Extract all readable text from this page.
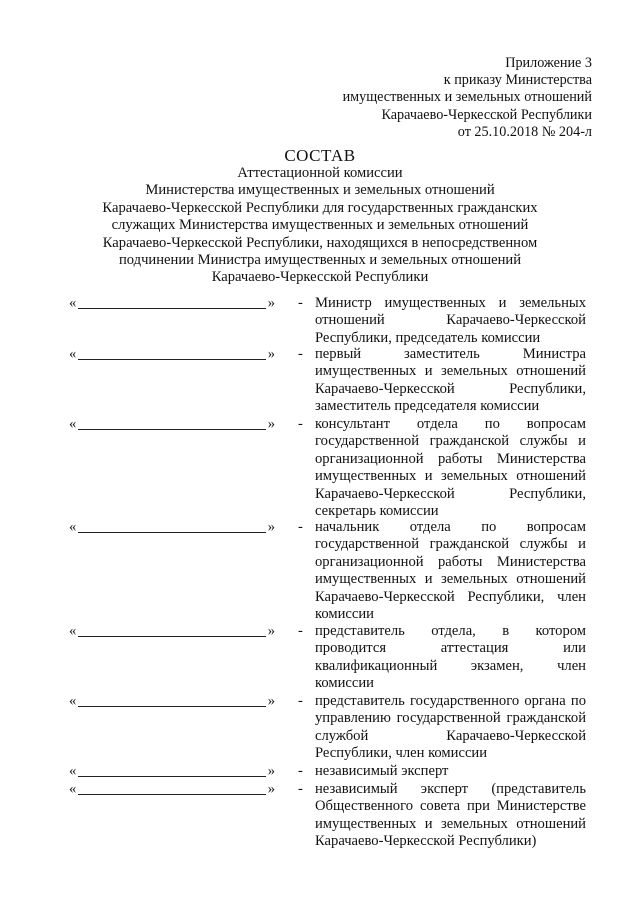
Приложение 3
к приказу Министерства
имущественных и земельных отношений
Карачаево-Черкесской Республики
от 25.10.2018 № 204-л
СОСТАВ
Аттестационной комиссии
Министерства имущественных и земельных отношений
Карачаево-Черкесской Республики для государственных гражданских
служащих Министерства имущественных и земельных отношений
Карачаево-Черкесской Республики, находящихся в непосредственном
подчинении Министра имущественных и земельных отношений
Карачаево-Черкесской Республики
«	» - Министр имущественных и земельных отношений Карачаево-Черкесской Республики, председатель комиссии
«	» - первый заместитель Министра имущественных и земельных отношений Карачаево-Черкесской Республики, заместитель председателя комиссии
«	» - консультант отдела по вопросам государственной гражданской службы и организационной работы Министерства имущественных и земельных отношений Карачаево-Черкесской Республики, секретарь комиссии
«	» - начальник отдела по вопросам государственной гражданской службы и организационной работы Министерства имущественных и земельных отношений Карачаево-Черкесской Республики, член комиссии
«	» - представитель отдела, в котором проводится аттестация или квалификационный экзамен, член комиссии
«	» - представитель государственного органа по управлению государственной гражданской службой Карачаево-Черкесской Республики, член комиссии
«	» - независимый эксперт
«	» - независимый эксперт (представитель Общественного совета при Министерстве имущественных и земельных отношений Карачаево-Черкесской Республики)
